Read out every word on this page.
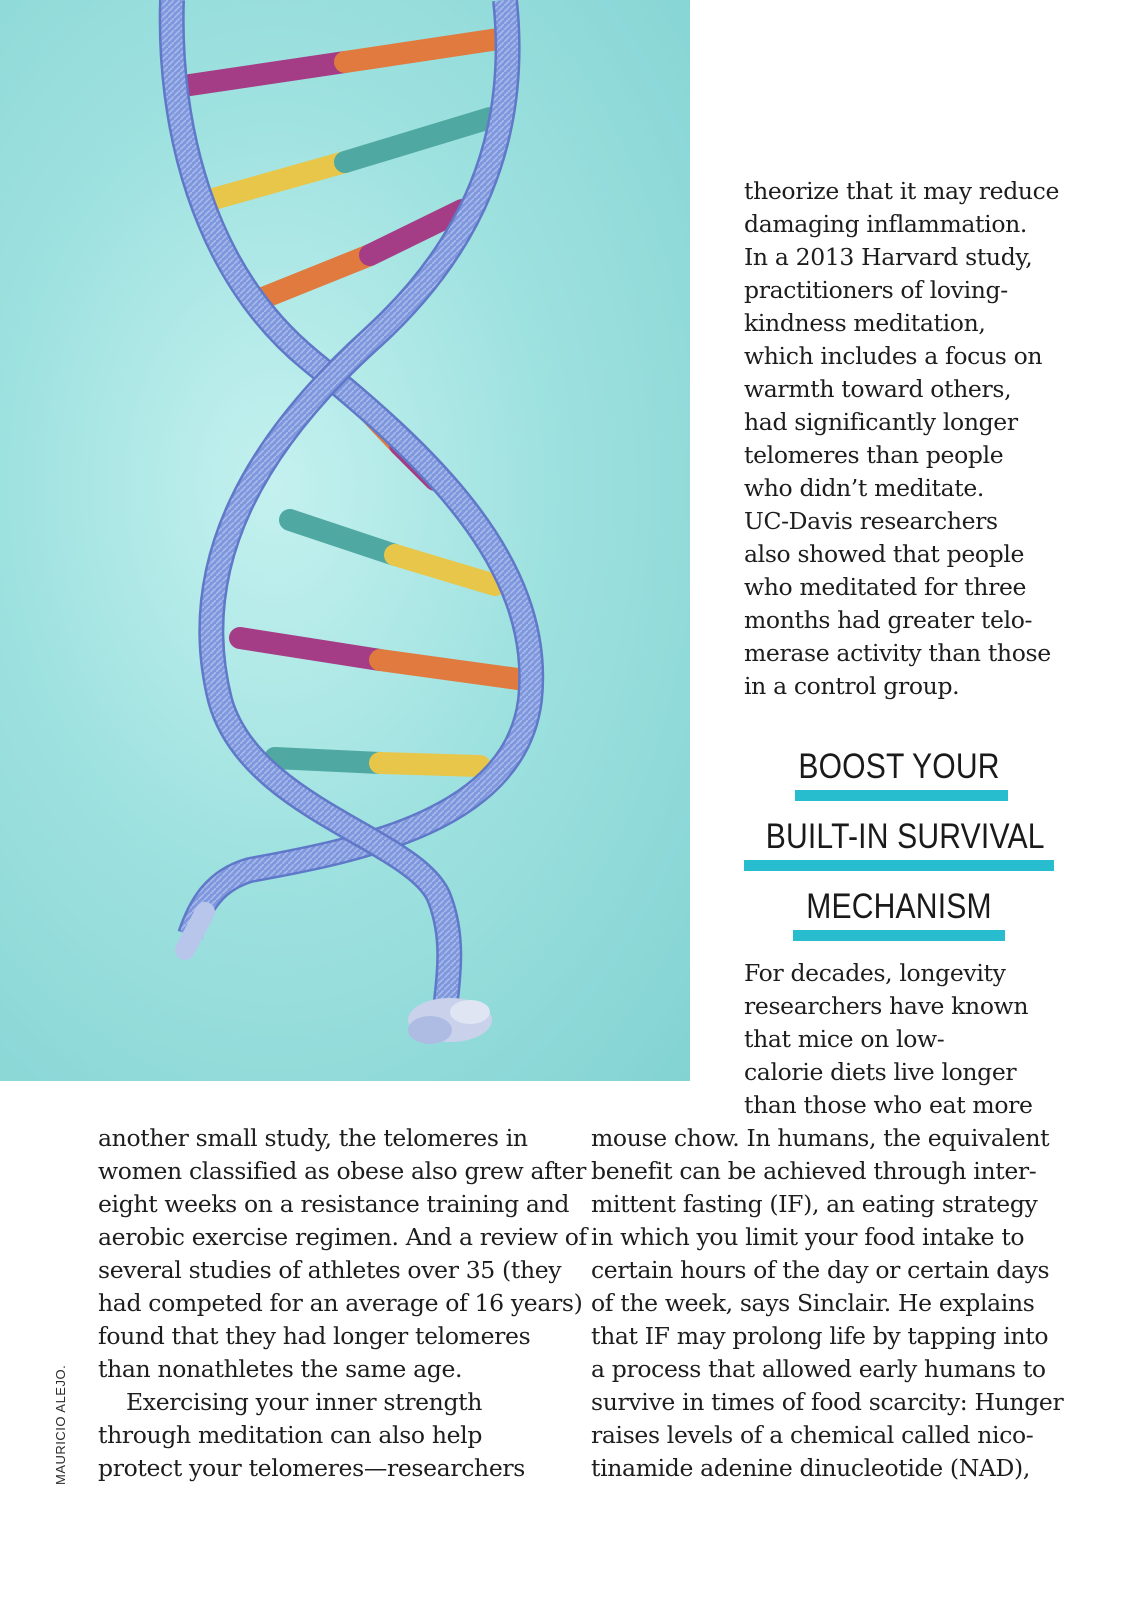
MAURICIO ALEJO.
theorize that it may reduce
damaging inflammation.
In a 2013 Harvard study,
practitioners of loving-
kindness meditation,
which includes a focus on
warmth toward others,
had significantly longer
telomeres than people
who didn’t meditate.
UC-Davis researchers
also showed that people
who meditated for three
months had greater telo-
merase activity than those
in a control group.
BOOST YOUR
BUILT-IN SURVIVAL
MECHANISM
For decades, longevity
researchers have known
that mice on low-
calorie diets live longer
than those who eat more
another small study, the telomeres in
women classified as obese also grew after
eight weeks on a resistance training and
aerobic exercise regimen. And a review of
several studies of athletes over 35 (they
had competed for an average of 16 years)
found that they had longer telomeres
than nonathletes the same age.
Exercising your inner strength
through meditation can also help
protect your telomeres—researchers
mouse chow. In humans, the equivalent
benefit can be achieved through inter-
mittent fasting (IF), an eating strategy
in which you limit your food intake to
certain hours of the day or certain days
of the week, says Sinclair. He explains
that IF may prolong life by tapping into
a process that allowed early humans to
survive in times of food scarcity: Hunger
raises levels of a chemical called nico-
tinamide adenine dinucleotide (NAD),
